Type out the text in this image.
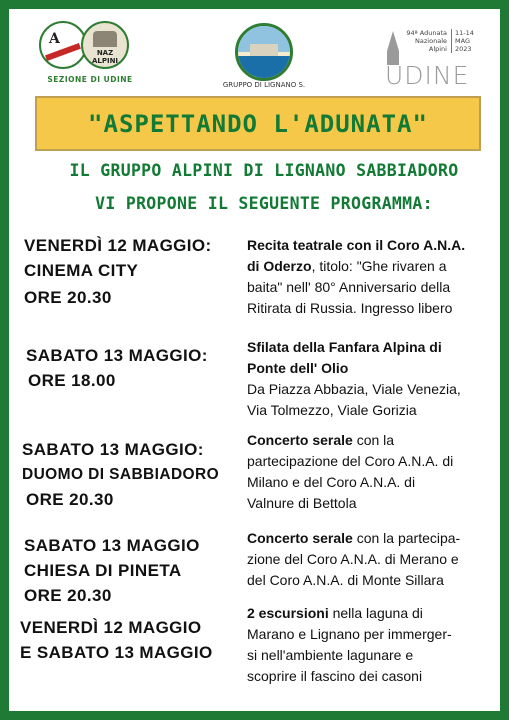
A
NAZ ALPINI
SEZIONE DI UDINE
GRUPPO DI LIGNANO S.
94ª Adunata
Nazionale
Alpini
11-14
MAG
2023
UDINE
"ASPETTANDO L'ADUNATA"
IL GRUPPO ALPINI DI LIGNANO SABBIADORO
VI PROPONE IL SEGUENTE PROGRAMMA:
VENERDÌ 12 MAGGIO:
CINEMA CITY
ORE 20.30
Recita teatrale con il Coro A.N.A.
di Oderzo, titolo: "Ghe rivaren a
baita" nell' 80° Anniversario della
Ritirata di Russia. Ingresso libero
SABATO 13 MAGGIO:
ORE 18.00
Sfilata della Fanfara Alpina di
Ponte dell' Olio
Da Piazza Abbazia, Viale Venezia,
Via Tolmezzo, Viale Gorizia
SABATO 13 MAGGIO:
DUOMO DI SABBIADORO
ORE 20.30
Concerto serale con la
partecipazione del Coro A.N.A. di
Milano e del Coro A.N.A. di
Valnure di Bettola
SABATO 13 MAGGIO
CHIESA DI PINETA
ORE 20.30
Concerto serale con la partecipa-
zione del Coro A.N.A. di Merano e
del Coro A.N.A. di Monte Sillara
VENERDÌ 12 MAGGIO
E SABATO 13 MAGGIO
2 escursioni nella laguna di
Marano e Lignano per immerger-
si nell'ambiente lagunare e
scoprire il fascino dei casoni
